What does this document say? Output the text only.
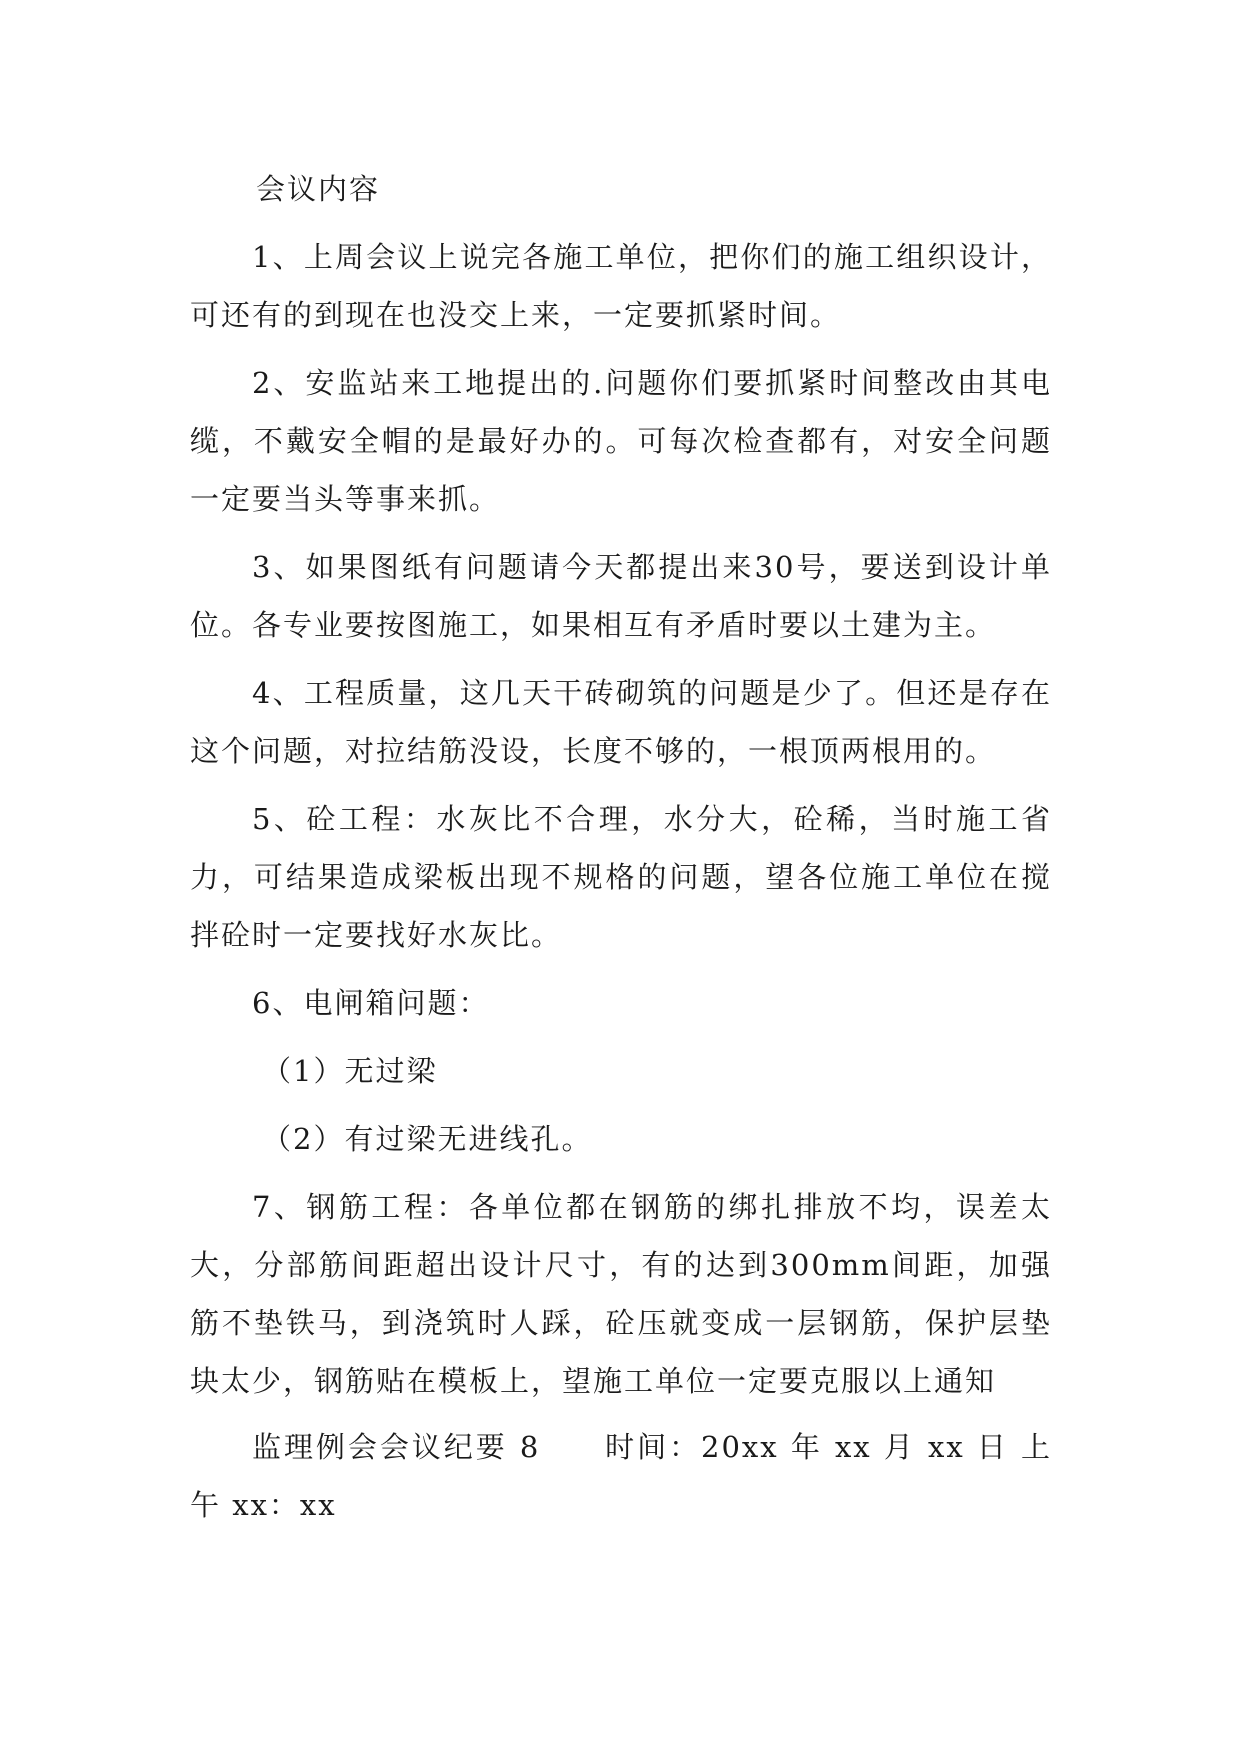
会议内容

1、上周会议上说完各施工单位，把你们的施工组织设计，可还有的到现在也没交上来，一定要抓紧时间。

2、安监站来工地提出的.问题你们要抓紧时间整改由其电缆，不戴安全帽的是最好办的。可每次检查都有，对安全问题一定要当头等事来抓。

3、如果图纸有问题请今天都提出来30号，要送到设计单位。各专业要按图施工，如果相互有矛盾时要以土建为主。

4、工程质量，这几天干砖砌筑的问题是少了。但还是存在这个问题，对拉结筋没设，长度不够的，一根顶两根用的。

5、砼工程：水灰比不合理，水分大，砼稀，当时施工省力，可结果造成梁板出现不规格的问题，望各位施工单位在搅拌砼时一定要找好水灰比。

6、电闸箱问题：

（1）无过梁

（2）有过梁无进线孔。

7、钢筋工程：各单位都在钢筋的绑扎排放不均，误差太大，分部筋间距超出设计尺寸，有的达到300mm间距，加强筋不垫铁马，到浇筑时人踩，砼压就变成一层钢筋，保护层垫块太少，钢筋贴在模板上，望施工单位一定要克服以上通知

监理例会会议纪要 8　　时间：20xx 年 xx 月 xx 日 上午 xx：xx
